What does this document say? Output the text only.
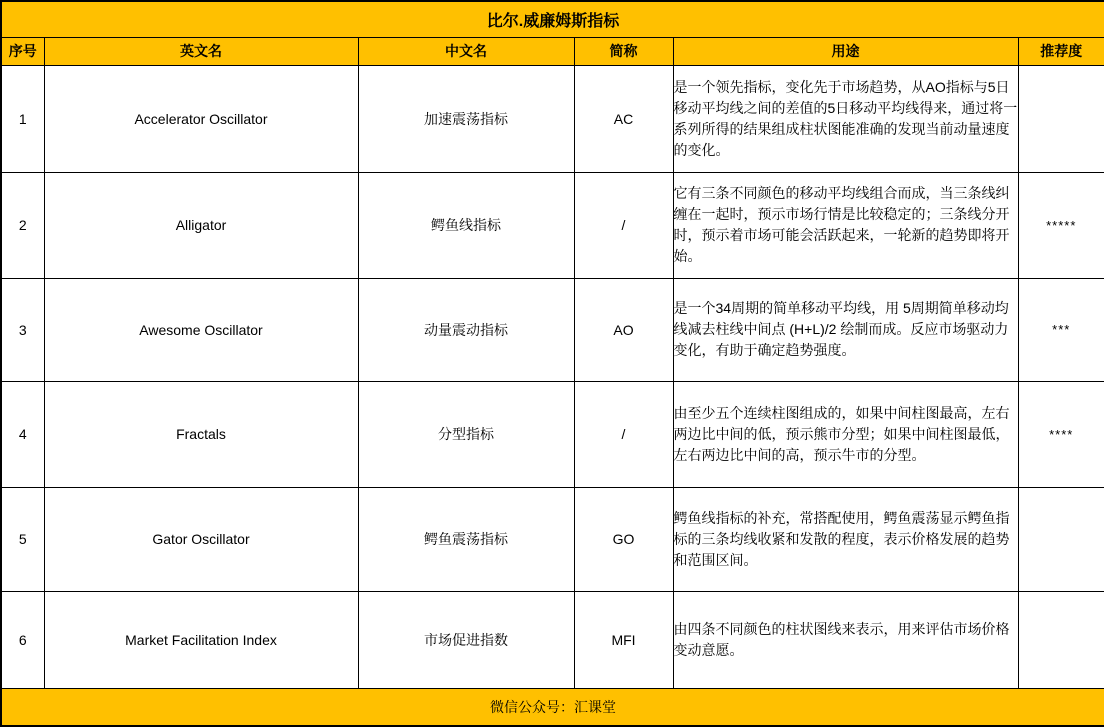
比尔.威廉姆斯指标					
序号	英文名	中文名	简称	用途	推荐度
1	Accelerator Oscillator	加速震荡指标	AC	是一个领先指标，变化先于市场趋势，从AO指标与5日移动平均线之间的差值的5日移动平均线得来，通过将一系列所得的结果组成柱状图能准确的发现当前动量速度的变化。	
2	Alligator	鳄鱼线指标	/	它有三条不同颜色的移动平均线组合而成，当三条线纠缠在一起时，预示市场行情是比较稳定的；三条线分开时，预示着市场可能会活跃起来，一轮新的趋势即将开始。	*****
3	Awesome Oscillator	动量震动指标	AO	是一个34周期的简单移动平均线，用 5周期简单移动均线减去柱线中间点 (H+L)/2 绘制而成。反应市场驱动力变化，有助于确定趋势强度。	***
4	Fractals	分型指标	/	由至少五个连续柱图组成的，如果中间柱图最高，左右两边比中间的低，预示熊市分型；如果中间柱图最低，左右两边比中间的高，预示牛市的分型。	****
5	Gator Oscillator	鳄鱼震荡指标	GO	鳄鱼线指标的补充，常搭配使用，鳄鱼震荡显示鳄鱼指标的三条均线收紧和发散的程度，表示价格发展的趋势和范围区间。	
6	Market Facilitation Index	市场促进指数	MFI	由四条不同颜色的柱状图线来表示，用来评估市场价格变动意愿。	
微信公众号：汇课堂					
